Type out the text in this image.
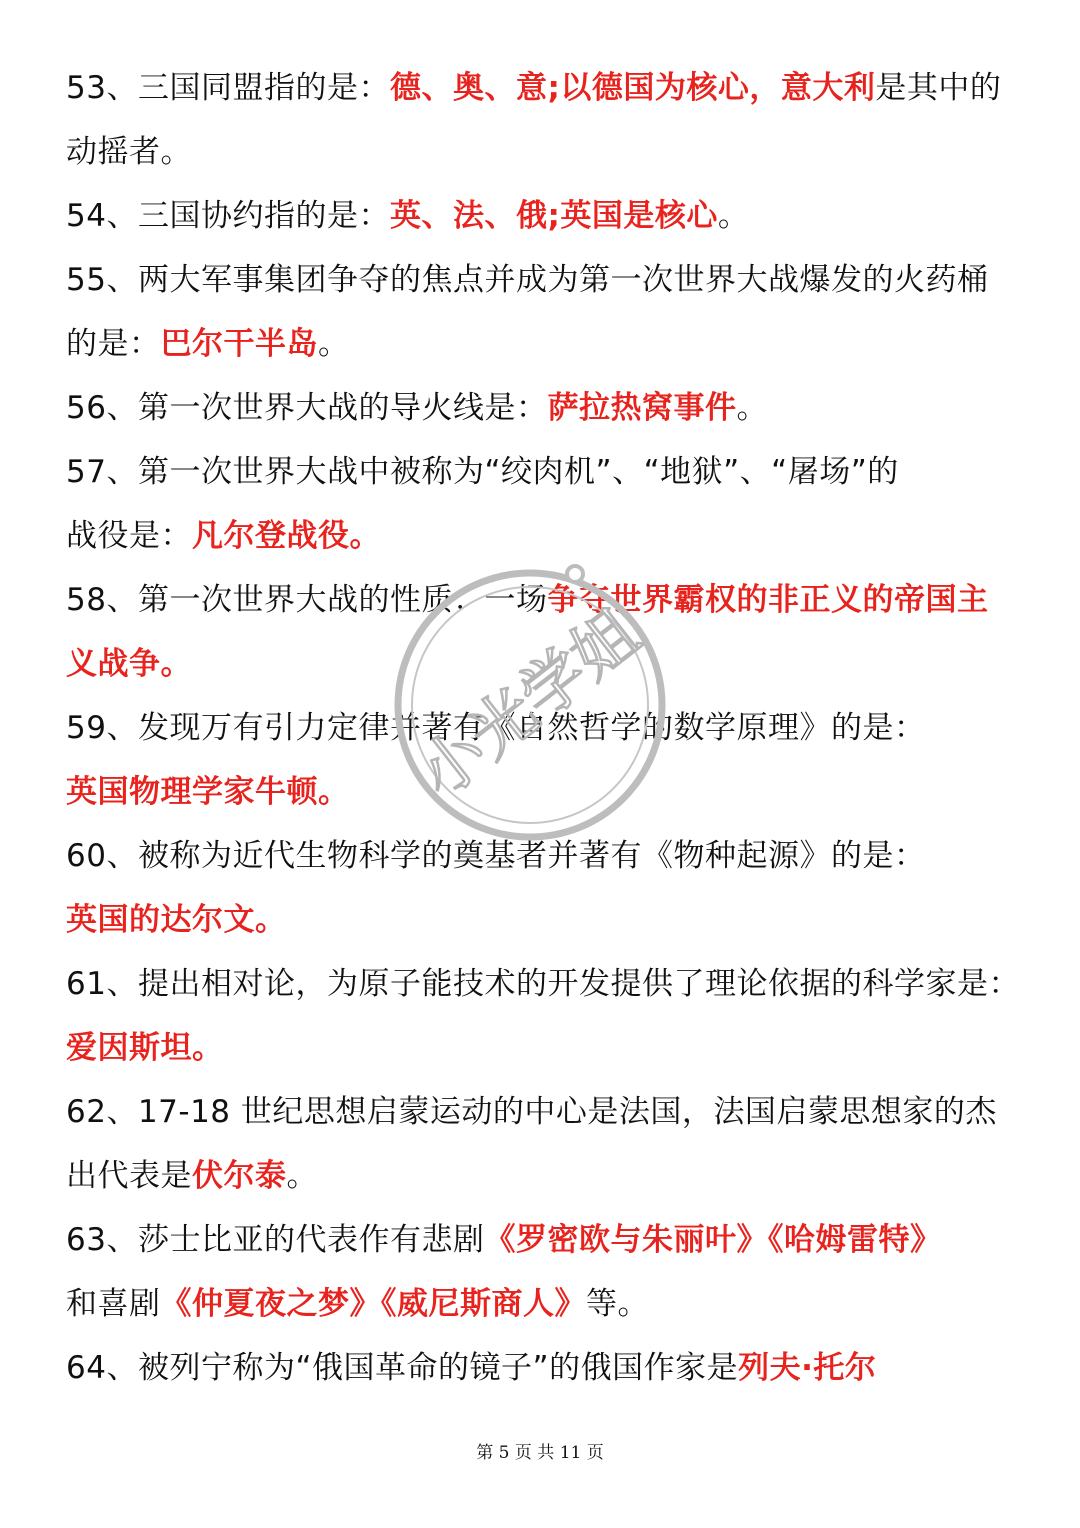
53、三国同盟指的是：德、奥、意;以德国为核心，意大利是其中的
动摇者。
54、三国协约指的是：英、法、俄;英国是核心。
55、两大军事集团争夺的焦点并成为第一次世界大战爆发的火药桶
的是：巴尔干半岛。
56、第一次世界大战的导火线是：萨拉热窝事件。
57、第一次世界大战中被称为“绞肉机”、“地狱”、“屠场”的
战役是：凡尔登战役。
58、第一次世界大战的性质：一场争夺世界霸权的非正义的帝国主
义战争。
59、发现万有引力定律并著有《自然哲学的数学原理》的是：
英国物理学家牛顿。
60、被称为近代生物科学的奠基者并著有《物种起源》的是：
英国的达尔文。
61、提出相对论，为原子能技术的开发提供了理论依据的科学家是：
爱因斯坦。
62、17-18 世纪思想启蒙运动的中心是法国，法国启蒙思想家的杰
出代表是伏尔泰。
63、莎士比亚的代表作有悲剧《罗密欧与朱丽叶》《哈姆雷特》
和喜剧《仲夏夜之梦》《威尼斯商人》等。
64、被列宁称为“俄国革命的镜子”的俄国作家是列夫·托尔
小光学姐
第 5 页 共 11 页
